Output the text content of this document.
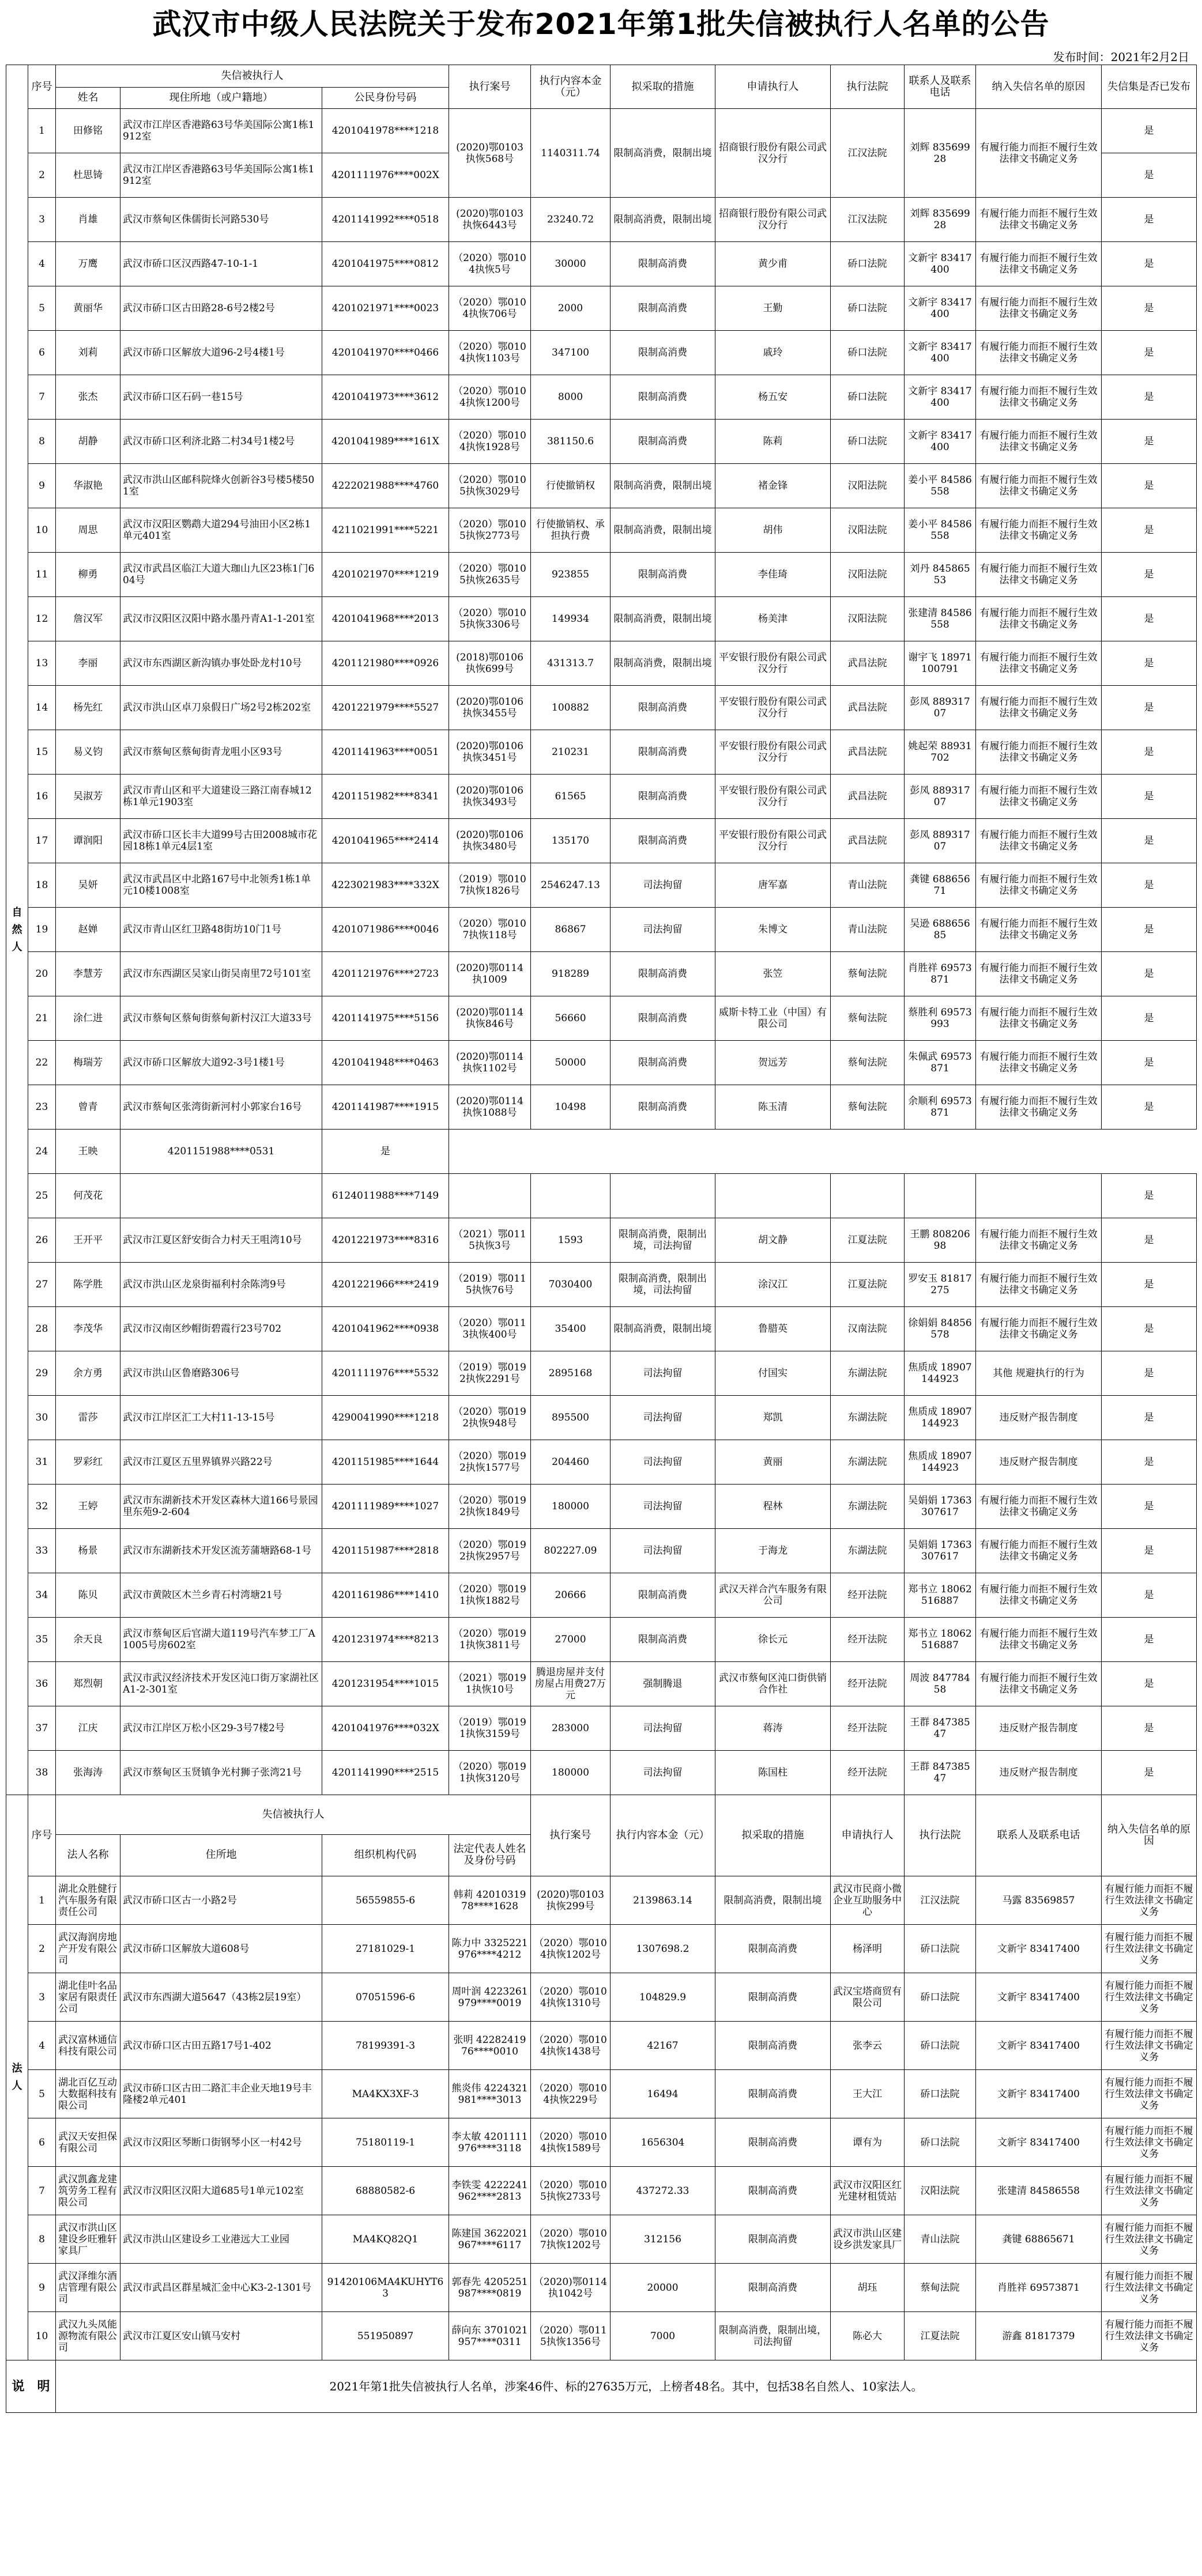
武汉市中级人民法院关于发布2021年第1批失信被执行人名单的公告
发布时间：2021年2月2日
自然人	序号	失信被执行人			执行案号	执行内容本金（元）	拟采取的措施	申请执行人	执行法院	联系人及联系电话	纳入失信名单的原因	失信集是否已发布	
		姓名	现住所地（或户籍地）	公民身份号码									
	1	田修铭	武汉市江岸区香港路63号华美国际公寓1栋1912室	4201041978****1218	(2020)鄂0103执恢568号	1140311.74	限制高消费，限制出境	招商银行股份有限公司武汉分行	江汉法院	刘辉 83569928	有履行能力而拒不履行生效法律文书确定义务	是	
	2	杜思锜	武汉市江岸区香港路63号华美国际公寓1栋1912室	4201111976****002X								是	
	3	肖雄	武汉市蔡甸区侏儒街长河路530号	4201141992****0518	(2020)鄂0103执恢6443号	23240.72	限制高消费，限制出境	招商银行股份有限公司武汉分行	江汉法院	刘辉 83569928	有履行能力而拒不履行生效法律文书确定义务	是	
	4	万鹰	武汉市硚口区汉西路47-10-1-1	4201041975****0812	（2020）鄂0104执恢5号	30000	限制高消费	黄少甫	硚口法院	文新宇 83417400	有履行能力而拒不履行生效法律文书确定义务	是	
	5	黄丽华	武汉市硚口区古田路28-6号2楼2号	4201021971****0023	（2020）鄂0104执恢706号	2000	限制高消费	王勤	硚口法院	文新宇 83417400	有履行能力而拒不履行生效法律文书确定义务	是	
	6	刘莉	武汉市硚口区解放大道96-2号4楼1号	4201041970****0466	（2020）鄂0104执恢1103号	347100	限制高消费	戚玲	硚口法院	文新宇 83417400	有履行能力而拒不履行生效法律文书确定义务	是	
	7	张杰	武汉市硚口区石码一巷15号	4201041973****3612	（2020）鄂0104执恢1200号	8000	限制高消费	杨五安	硚口法院	文新宇 83417400	有履行能力而拒不履行生效法律文书确定义务	是	
	8	胡静	武汉市硚口区利济北路二村34号1楼2号	4201041989****161X	（2020）鄂0104执恢1928号	381150.6	限制高消费	陈莉	硚口法院	文新宇 83417400	有履行能力而拒不履行生效法律文书确定义务	是	
	9	华淑艳	武汉市洪山区邮科院烽火创新谷3号楼5楼501室	4222021988****4760	（2020）鄂0105执恢3029号	行使撤销权	限制高消费，限制出境	褚金锋	汉阳法院	姜小平 84586558	有履行能力而拒不履行生效法律文书确定义务	是	
	10	周思	武汉市汉阳区鹦鹉大道294号油田小区2栋1单元401室	4211021991****5221	（2020）鄂0105执恢2773号	行使撤销权、承担执行费	限制高消费，限制出境	胡伟	汉阳法院	姜小平 84586558	有履行能力而拒不履行生效法律文书确定义务	是	
	11	柳勇	武汉市武昌区临江大道大珈山九区23栋1门604号	4201021970****1219	（2020）鄂0105执恢2635号	923855	限制高消费	李佳琦	汉阳法院	刘丹 84586553	有履行能力而拒不履行生效法律文书确定义务	是	
	12	詹汉军	武汉市汉阳区汉阳中路水墨丹青A1-1-201室	4201041968****2013	（2020）鄂0105执恢3306号	149934	限制高消费，限制出境	杨美津	汉阳法院	张建清 84586558	有履行能力而拒不履行生效法律文书确定义务	是	
	13	李丽	武汉市东西湖区新沟镇办事处卧龙村10号	4201121980****0926	(2018)鄂0106执恢699号	431313.7	限制高消费，限制出境	平安银行股份有限公司武汉分行	武昌法院	谢宇飞 18971100791	有履行能力而拒不履行生效法律文书确定义务	是	
	14	杨先红	武汉市洪山区卓刀泉假日广场2号2栋202室	4201221979****5527	(2020)鄂0106执恢3455号	100882	限制高消费	平安银行股份有限公司武汉分行	武昌法院	彭凤 88931707	有履行能力而拒不履行生效法律文书确定义务	是	
	15	易义钧	武汉市蔡甸区蔡甸街青龙咀小区93号	4201141963****0051	(2020)鄂0106执恢3451号	210231	限制高消费	平安银行股份有限公司武汉分行	武昌法院	姚起荣 88931702	有履行能力而拒不履行生效法律文书确定义务	是	
	16	吴淑芳	武汉市青山区和平大道建设三路江南春城12栋1单元1903室	4201151982****8341	(2020)鄂0106执恢3493号	61565	限制高消费	平安银行股份有限公司武汉分行	武昌法院	彭凤 88931707	有履行能力而拒不履行生效法律文书确定义务	是	
	17	谭润阳	武汉市硚口区长丰大道99号古田2008城市花园18栋1单元4层1室	4201041965****2414	(2020)鄂0106执恢3480号	135170	限制高消费	平安银行股份有限公司武汉分行	武昌法院	彭凤 88931707	有履行能力而拒不履行生效法律文书确定义务	是	
	18	吴妍	武汉市武昌区中北路167号中北领秀1栋1单元10楼1008室	4223021983****332X	（2019）鄂0107执恢1826号	2546247.13	司法拘留	唐军嘉	青山法院	龚键 68865671	有履行能力而拒不履行生效法律文书确定义务	是	
	19	赵婵	武汉市青山区红卫路48街坊10门1号	4201071986****0046	（2020）鄂0107执恢118号	86867	司法拘留	朱博文	青山法院	吴逊 68865685	有履行能力而拒不履行生效法律文书确定义务	是	
	20	李慧芳	武汉市东西湖区吴家山街吴南里72号101室	4201121976****2723	(2020)鄂0114执1009	918289	限制高消费	张笠	蔡甸法院	肖胜祥 69573871	有履行能力而拒不履行生效法律文书确定义务	是	
	21	涂仁进	武汉市蔡甸区蔡甸街蔡甸新村汉江大道33号	4201141975****5156	(2020)鄂0114执恢846号	56660	限制高消费	威斯卡特工业（中国）有限公司	蔡甸法院	蔡胜利 69573993	有履行能力而拒不履行生效法律文书确定义务	是	
	22	梅瑞芳	武汉市硚口区解放大道92-3号1楼1号	4201041948****0463	(2020)鄂0114执恢1102号	50000	限制高消费	贺远芳	蔡甸法院	朱佩武 69573871	有履行能力而拒不履行生效法律文书确定义务	是	
	23	曾青	武汉市蔡甸区张湾街新河村小郭家台16号	4201141987****1915	(2020)鄂0114执恢1088号	10498	限制高消费	陈玉清	蔡甸法院	余顺利 69573871	有履行能力而拒不履行生效法律文书确定义务	是	
	24	王映	4201151988****0531	是									
	25	何茂花		6124011988****7149								是	
	26	王开平	武汉市江夏区舒安街合力村天王咀湾10号	4201221973****8316	（2021）鄂0115执恢3号	1593	限制高消费，限制出境，司法拘留	胡文静	江夏法院	王鹏 80820698	有履行能力而拒不履行生效法律文书确定义务	是	
	27	陈学胜	武汉市洪山区龙泉街福利村余陈湾9号	4201221966****2419	（2019）鄂0115执恢76号	7030400	限制高消费，限制出境，司法拘留	涂汉江	江夏法院	罗安玉 81817275	有履行能力而拒不履行生效法律文书确定义务	是	
	28	李茂华	武汉市汉南区纱帽街碧霞行23号702	4201041962****0938	（2020）鄂0113执恢400号	35400	限制高消费，限制出境	鲁腊英	汉南法院	徐娟娟 84856578	有履行能力而拒不履行生效法律文书确定义务	是	
	29	余方勇	武汉市洪山区鲁磨路306号	4201111976****5532	（2019）鄂0192执恢2291号	2895168	司法拘留	付国实	东湖法院	焦质成 18907144923	其他 规避执行的行为	是	
	30	雷莎	武汉市江岸区汇工大村11-13-15号	4290041990****1218	（2020）鄂0192执恢948号	895500	司法拘留	郑凯	东湖法院	焦质成 18907144923	违反财产报告制度	是	
	31	罗彩红	武汉市江夏区五里界镇界兴路22号	4201151985****1644	（2020）鄂0192执恢1577号	204460	司法拘留	黄丽	东湖法院	焦质成 18907144923	违反财产报告制度	是	
	32	王婷	武汉市东湖新技术开发区森林大道166号景园里东苑9-2-604	4201111989****1027	（2020）鄂0192执恢1849号	180000	司法拘留	程林	东湖法院	吴娟娟 17363307617	有履行能力而拒不履行生效法律文书确定义务	是	
	33	杨景	武汉市东湖新技术开发区流芳蒲塘路68-1号	4201151987****2818	（2020）鄂0192执恢2957号	802227.09	司法拘留	于海龙	东湖法院	吴娟娟 17363307617	有履行能力而拒不履行生效法律文书确定义务	是	
	34	陈贝	武汉市黄陂区木兰乡青石村湾塘21号	4201161986****1410	（2020）鄂0191执恢1882号	20666	限制高消费	武汉天祥合汽车服务有限公司	经开法院	郑书立 18062516887	有履行能力而拒不履行生效法律文书确定义务	是	
	35	余天良	武汉市蔡甸区后官湖大道119号汽车梦工厂A1005号房602室	4201231974****8213	（2020）鄂0191执恢3811号	27000	限制高消费	徐长元	经开法院	郑书立 18062516887	有履行能力而拒不履行生效法律文书确定义务	是	
	36	郑烈朝	武汉市武汉经济技术开发区沌口街万家湖社区A1-2-301室	4201231954****1015	（2021）鄂0191执恢10号	腾退房屋并支付房屋占用费27万元	强制腾退	武汉市蔡甸区沌口街供销合作社	经开法院	周波 84778458	有履行能力而拒不履行生效法律文书确定义务	是	
	37	江庆	武汉市江岸区万松小区29-3号7楼2号	4201041976****032X	（2019）鄂0191执恢3159号	283000	司法拘留	蒋涛	经开法院	王群 84738547	违反财产报告制度	是	
	38	张海涛	武汉市蔡甸区玉贤镇争光村狮子张湾21号	4201141990****2515	（2020）鄂0191执恢3120号	180000	司法拘留	陈国柱	经开法院	王群 84738547	违反财产报告制度	是	
法人	序号	失信被执行人				执行案号	执行内容本金（元）	拟采取的措施	申请执行人	执行法院	联系人及联系电话	纳入失信名单的原因	
		法人名称	住所地	组织机构代码	法定代表人姓名及身份号码								
	1	湖北众胜健行汽车服务有限责任公司	武汉市硚口区古一小路2号	56559855-6	韩莉 4201031978****1628	(2020)鄂0103执恢299号	2139863.14	限制高消费，限制出境	武汉市民商小微企业互助服务中心	江汉法院	马露 83569857	有履行能力而拒不履行生效法律文书确定义务	
	2	武汉海润房地产开发有限公司	武汉市硚口区解放大道608号	27181029-1	陈力中 3325221976****4212	（2020）鄂0104执恢1202号	1307698.2	限制高消费	杨泽明	硚口法院	文新宇 83417400	有履行能力而拒不履行生效法律文书确定义务	
	3	湖北佳叶名品家居有限责任公司	武汉市东西湖大道5647（43栋2层19室）	07051596-6	周叶润 4223261979****0019	（2020）鄂0104执恢1310号	104829.9	限制高消费	武汉宝塔商贸有限公司	硚口法院	文新宇 83417400	有履行能力而拒不履行生效法律文书确定义务	
	4	武汉富林通信科技有限公司	武汉市硚口区古田五路17号1-402	78199391-3	张明 4228241976****0010	（2020）鄂0104执恢1438号	42167	限制高消费	张李云	硚口法院	文新宇 83417400	有履行能力而拒不履行生效法律文书确定义务	
	5	湖北百亿互动大数据科技有限公司	武汉市硚口区古田二路汇丰企业天地19号丰隆楼2单元401	MA4KX3XF-3	熊炎伟 4224321981****3013	（2020）鄂0104执恢229号	16494	限制高消费	王大江	硚口法院	文新宇 83417400	有履行能力而拒不履行生效法律文书确定义务	
	6	武汉天安担保有限公司	武汉市汉阳区琴断口街钢琴小区一村42号	75180119-1	李太敏 4201111976****3118	（2020）鄂0104执恢1589号	1656304	限制高消费	谭有为	硚口法院	文新宇 83417400	有履行能力而拒不履行生效法律文书确定义务	
	7	武汉凯鑫龙建筑劳务工程有限公司	武汉市汉阳区汉阳大道685号1单元102室	68880582-6	李铁雯 4222241962****2813	（2020）鄂0105执恢2733号	437272.33	限制高消费	武汉市汉阳区红光建材租赁站	汉阳法院	张建清 84586558	有履行能力而拒不履行生效法律文书确定义务	
	8	武汉市洪山区建设乡旺雅轩家具厂	武汉市洪山区建设乡工业港远大工业园	MA4KQ82Q1	陈建国 3622021967****6117	（2020）鄂0107执恢1202号	312156	限制高消费	武汉市洪山区建设乡洪发家具厂	青山法院	龚键 68865671	有履行能力而拒不履行生效法律文书确定义务	
	9	武汉泽维尔酒店管理有限公司	武汉市武昌区群星城汇金中心K3-2-1301号	91420106MA4KUHYT63	郭春先 4205251987****0819	（2020)鄂0114执1042号	20000	限制高消费	胡珏	蔡甸法院	肖胜祥 69573871	有履行能力而拒不履行生效法律文书确定义务	
	10	武汉九头凤能源物流有限公司	武汉市江夏区安山镇马安村	551950897	薛向东 3701021957****0311	（2020）鄂0115执恢1356号	7000	限制高消费，限制出境，司法拘留	陈必大	江夏法院	游鑫 81817379	有履行能力而拒不履行生效法律文书确定义务	
说　明		2021年第1批失信被执行人名单，涉案46件、标的27635万元，上榜者48名。其中，包括38名自然人、10家法人。											
